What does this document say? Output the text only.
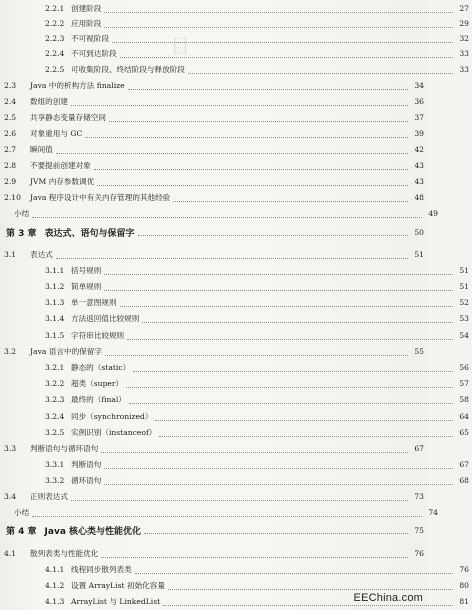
目
2.2.1 创建阶段	27
2.2.2 应用阶段	29
2.2.3 不可视阶段	32
2.2.4 不可到达阶段	33
2.2.5 可收集阶段、终结阶段与释放阶段	33
2.3	Java 中的析构方法 finalize	34
2.4	数组的创建	36
2.5	共享静态变量存储空间	37
2.6	对象重用与 GC	39
2.7	瞬间值	42
2.8	不要提前创建对象	43
2.9	JVM 内存参数调优	43
2.10	Java 程序设计中有关内存管理的其他经验	48
小结	49
第 3 章 表达式、语句与保留字	50
3.1	表达式	51
3.1.1 括号规则	51
3.1.2 简单规则	51
3.1.3 单一意图规则	52
3.1.4 方法返回值比较规则	53
3.1.5 字符串比较规则	54
3.2	Java 语言中的保留字	55
3.2.1 静态的（static）	56
3.2.2 超类（super）	57
3.2.3 最终的（final）	58
3.2.4 同步（synchronized）	64
3.2.5 实例识别（instanceof）	65
3.3	判断语句与循环语句	67
3.3.1 判断语句	67
3.3.2 循环语句	68
3.4	正则表达式	73
小结	74
第 4 章 Java 核心类与性能优化	75
4.1	散列表类与性能优化	76
4.1.1 线程同步散列表类	76
4.1.2 设置 ArrayList 初始化容量	80
4.1.3 ArrayList 与 LinkedList	81
EEChina.com
